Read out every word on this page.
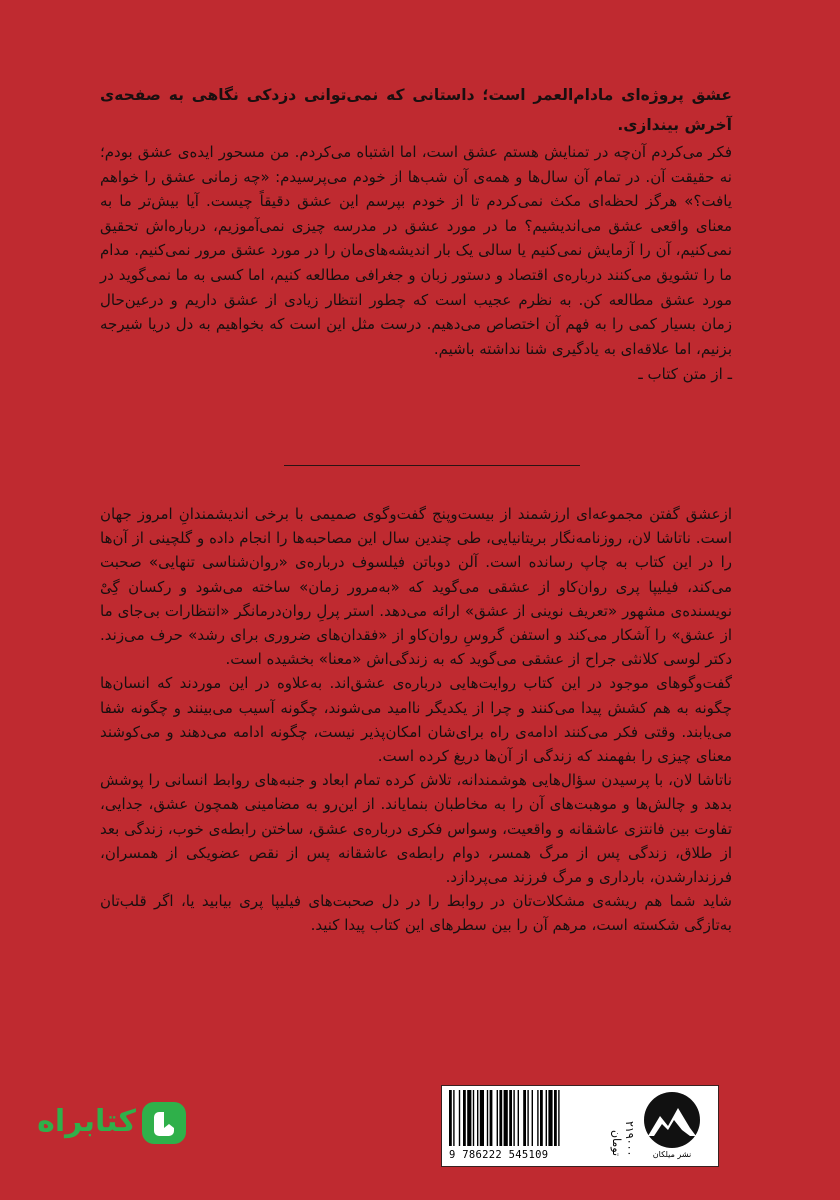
عشق پروژه‌ای مادام‌العمر است؛ داستانی که نمی‌توانی دزدکی نگاهی به صفحه‌ی آخرش بیندازی.

فکر می‌کردم آن‌چه در تمنایش هستم عشق است، اما اشتباه می‌کردم. من مسحور ایده‌ی عشق بودم؛ نه حقیقت آن. در تمام آن سال‌ها و همه‌ی آن شب‌ها از خودم می‌پرسیدم: «چه زمانی عشق را خواهم یافت؟» هرگز لحظه‌ای مکث نمی‌کردم تا از خودم بپرسم این عشق دقیقاً چیست. آیا بیش‌تر ما به معنای واقعی عشق می‌اندیشیم؟ ما در مورد عشق در مدرسه چیزی نمی‌آموزیم، درباره‌اش تحقیق نمی‌کنیم، آن را آزمایش نمی‌کنیم یا سالی یک بار اندیشه‌های‌مان را در مورد عشق مرور نمی‌کنیم. مدام ما را تشویق می‌کنند درباره‌ی اقتصاد و دستور زبان و جغرافی مطالعه کنیم، اما کسی به ما نمی‌گوید در مورد عشق مطالعه کن. به نظرم عجیب است که چطور انتظار زیادی از عشق داریم و درعین‌حال زمان بسیار کمی را به فهم آن اختصاص می‌دهیم. درست مثل این است که بخواهیم به دل دریا شیرجه بزنیم، اما علاقه‌ای به یادگیری شنا نداشته باشیم.

ـ از متن کتاب ـ

ازعشق گفتن مجموعه‌ای ارزشمند از بیست‌وپنج گفت‌وگوی صمیمی با برخی اندیشمندانِ امروز جهان است. ناتاشا لان، روزنامه‌نگار بریتانیایی، طی چندین سال این مصاحبه‌ها را انجام داده و گلچینی از آن‌ها را در این کتاب به چاپ رسانده است. آلن دوباتن فیلسوف درباره‌ی «روان‌شناسی تنهایی» صحبت می‌کند، فیلیپا پری روان‌کاو از عشقی می‌گوید که «به‌مرور زمان» ساخته می‌شود و رکسان گِیْ نویسنده‌ی مشهور «تعریف نوینی از عشق» ارائه می‌دهد. استر پرلِ روان‌درمانگر «انتظارات بی‌جای ما از عشق» را آشکار می‌کند و استفن گروسِ روان‌کاو از «فقدان‌های ضروری برای رشد» حرف می‌زند. دکتر لوسی کلانثی جراح از عشقی می‌گوید که به زندگی‌اش «معنا» بخشیده است.

گفت‌وگوهای موجود در این کتاب روایت‌هایی درباره‌ی عشق‌اند. به‌علاوه در این موردند که انسان‌ها چگونه به هم کشش پیدا می‌کنند و چرا از یکدیگر ناامید می‌شوند، چگونه آسیب می‌بینند و چگونه شفا می‌یابند. وقتی فکر می‌کنند ادامه‌ی راه برای‌شان امکان‌پذیر نیست، چگونه ادامه می‌دهند و می‌کوشند معنای چیزی را بفهمند که زندگی از آن‌ها دریغ کرده است.

ناتاشا لان، با پرسیدن سؤال‌هایی هوشمندانه، تلاش کرده تمام ابعاد و جنبه‌های روابط انسانی را پوشش بدهد و چالش‌ها و موهبت‌های آن را به مخاطبان بنمایاند. از این‌رو به مضامینی همچون عشق، جدایی، تفاوت بین فانتزی عاشقانه و واقعیت، وسواس فکری درباره‌ی عشق، ساختن رابطه‌ی خوب، زندگی بعد از طلاق، زندگی پس از مرگ همسر، دوام رابطه‌ی عاشقانه پس از نقص عضویکی از همسران، فرزندارشدن، بارداری و مرگ فرزند می‌پردازد.

شاید شما هم ریشه‌ی مشکلات‌تان در روابط را در دل صحبت‌های فیلیپا پری بیابید یا، اگر قلب‌تان به‌تازگی شکسته است، مرهم آن را بین سطرهای این کتاب پیدا کنید.

نشر میلکان
۲۱۹۰۰۰ تومان
9 786222 545109
کتابراه
